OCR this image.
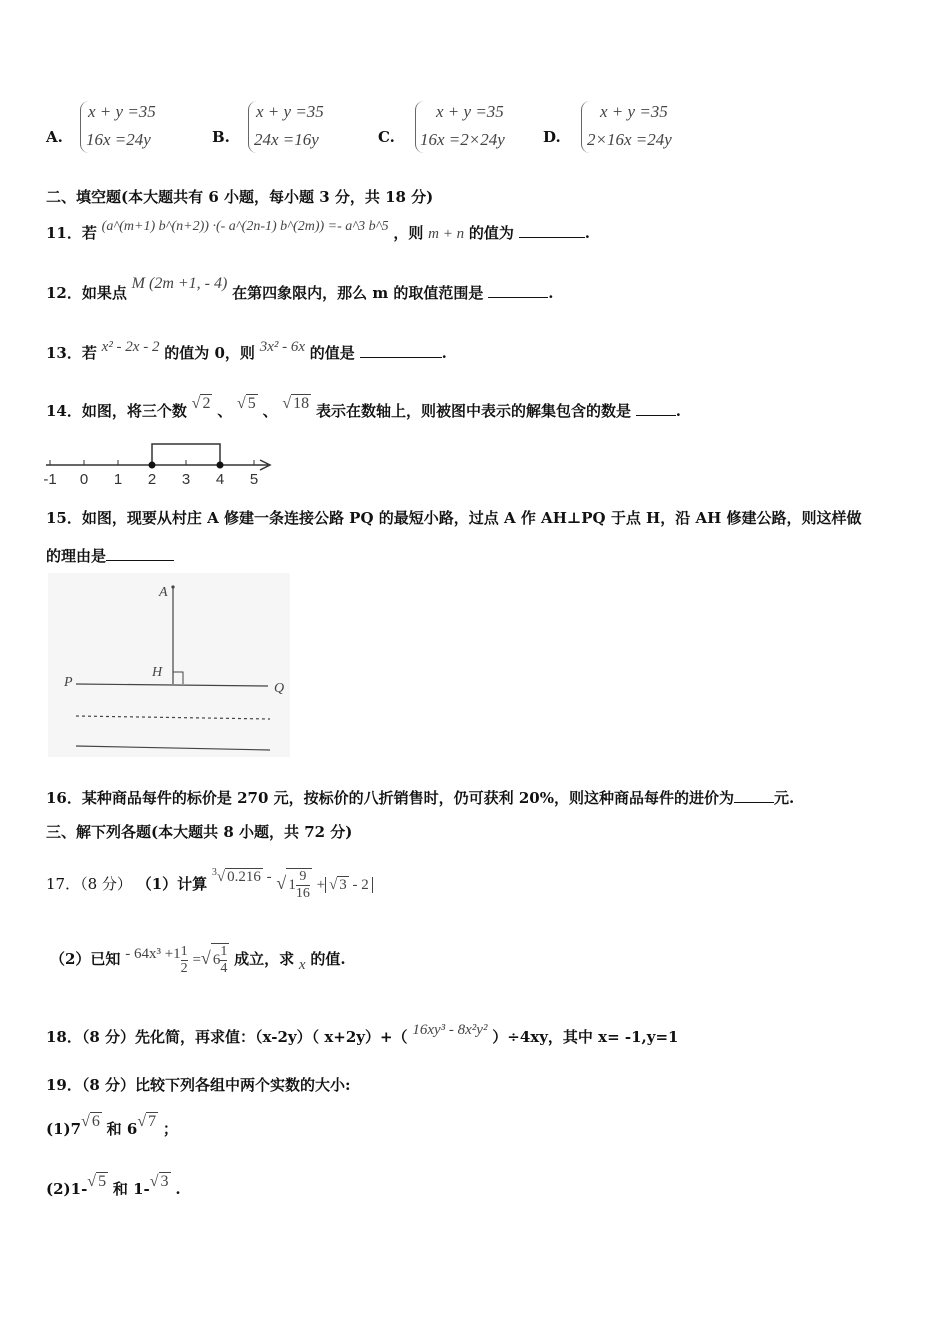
A.
x + y =35
16x =24y	B.
x + y =35
24x =16y	C.
x + y =35
16x =2×24y	D.
x + y =35
2×16x =24y
二、填空题(本大题共有 6 小题，每小题 3 分，共 18 分)
11．若 (a^(m+1) b^(n+2)) ·(- a^(2n-1) b^(2m)) =- a^3 b^5 ，则 m + n 的值为	.
12．如果点 M (2m +1, - 4) 在第四象限内，那么 m 的取值范围是	.
13．若 x² - 2x - 2 的值为 0，则 3x² - 6x 的值是	.
14．如图，将三个数 √ 2 、 √ 5 、 √ 18 表示在数轴上，则被图中表示的解集包含的数是	.
-1 0 1 2 3 4 5
15．如图，现要从村庄 A 修建一条连接公路 PQ 的最短小路，过点 A 作 AH⊥PQ 于点 H，沿 AH 修建公路，则这样做
的理由是
A
H
P	Q
16．某种商品每件的标价是 270 元，按标价的八折销售时，仍可获利 20%，则这种商品每件的进价为	元.
三、解下列各题(本大题共 8 小题，共 72 分)
17．（8 分） （1）计算 $^3$√ 0.216 - √ $1 \frac{9}{16}$ + √ 3 - 2
（2）已知 - $64x^3 +1 \frac{1}{2}$ =√ $6 \frac{1}{4}$ 成立，求 x 的值.
18．（8 分）先化简，再求值：（x-2y）（ x+2y）+（ 16xy³ - 8x²y² ）÷4xy，其中 x= -1,y=1
19．（8 分）比较下列各组中两个实数的大小:
(1)7√ 6 和 6√ 7 ；
(2)1-√ 5 和 1-√ 3 .
